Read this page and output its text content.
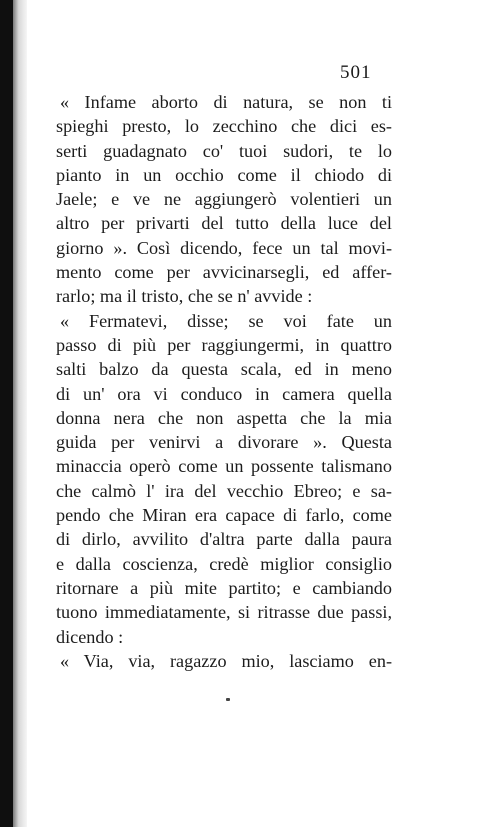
501
« Infame aborto di natura, se non ti
spieghi presto, lo zecchino che dici es-
serti guadagnato co' tuoi sudori, te lo
pianto in un occhio come il chiodo di
Jaele; e ve ne aggiungerò volentieri un
altro per privarti del tutto della luce del
giorno ». Così dicendo, fece un tal movi-
mento come per avvicinarsegli, ed affer-
rarlo; ma il tristo, che se n' avvide :
« Fermatevi, disse; se voi fate un
passo di più per raggiungermi, in quattro
salti balzo da questa scala, ed in meno
di un' ora vi conduco in camera quella
donna nera che non aspetta che la mia
guida per venirvi a divorare ». Questa
minaccia operò come un possente talismano
che calmò l' ira del vecchio Ebreo; e sa-
pendo che Miran era capace di farlo, come
di dirlo, avvilito d'altra parte dalla paura
e dalla coscienza, credè miglior consiglio
ritornare a più mite partito; e cambiando
tuono immediatamente, si ritrasse due passi,
dicendo :
« Via, via, ragazzo mio, lasciamo en-
